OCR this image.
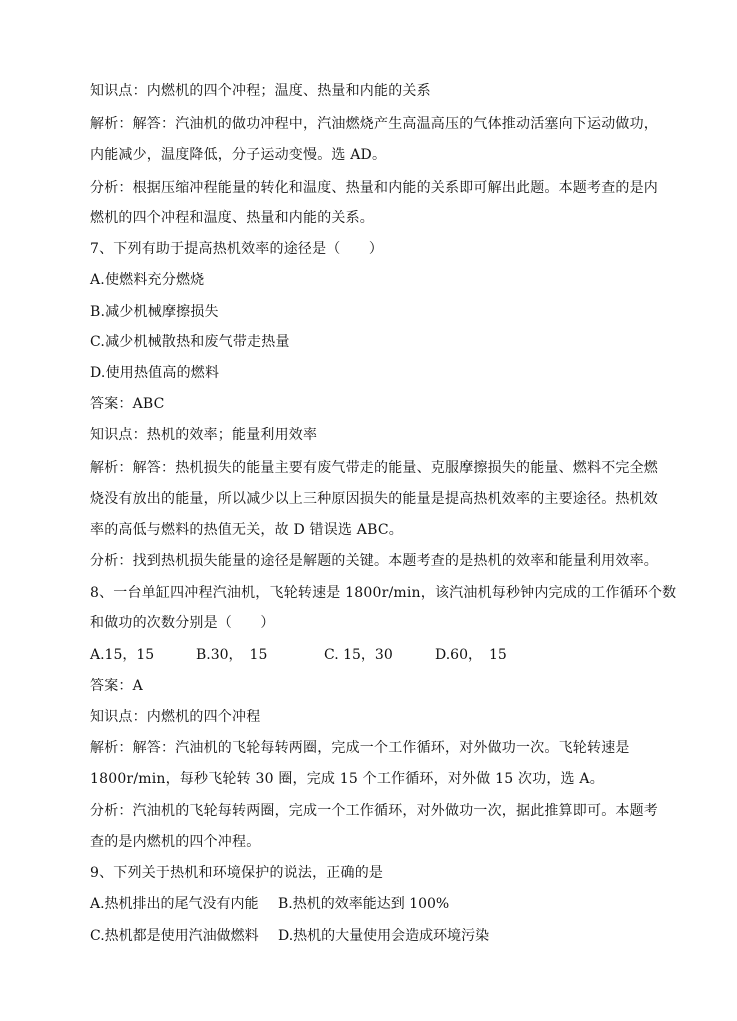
知识点：内燃机的四个冲程；温度、热量和内能的关系
解析：解答：汽油机的做功冲程中，汽油燃烧产生高温高压的气体推动活塞向下运动做功，
内能减少，温度降低，分子运动变慢。选 AD。
分析：根据压缩冲程能量的转化和温度、热量和内能的关系即可解出此题。本题考查的是内
燃机的四个冲程和温度、热量和内能的关系。
7、下列有助于提高热机效率的途径是（　　）
A.使燃料充分燃烧
B.减少机械摩擦损失
C.减少机械散热和废气带走热量
D.使用热值高的燃料
答案：ABC
知识点：热机的效率；能量利用效率
解析：解答：热机损失的能量主要有废气带走的能量、克服摩擦损失的能量、燃料不完全燃
烧没有放出的能量，所以减少以上三种原因损失的能量是提高热机效率的主要途径。热机效
率的高低与燃料的热值无关，故 D 错误选 ABC。
分析：找到热机损失能量的途径是解题的关键。本题考查的是热机的效率和能量利用效率。
8、一台单缸四冲程汽油机，飞轮转速是 1800r/min，该汽油机每秒钟内完成的工作循环个数
和做功的次数分别是（　　）
A.15，15	B.30，　15	C. 15，30	D.60，　15
答案：A
知识点：内燃机的四个冲程
解析：解答：汽油机的飞轮每转两圈，完成一个工作循环，对外做功一次。飞轮转速是
1800r/min，每秒飞轮转 30 圈，完成 15 个工作循环，对外做 15 次功，选 A。
分析：汽油机的飞轮每转两圈，完成一个工作循环，对外做功一次，据此推算即可。本题考
查的是内燃机的四个冲程。
9、下列关于热机和环境保护的说法，正确的是
A.热机排出的尾气没有内能 B.热机的效率能达到 100%
C.热机都是使用汽油做燃料 D.热机的大量使用会造成环境污染
